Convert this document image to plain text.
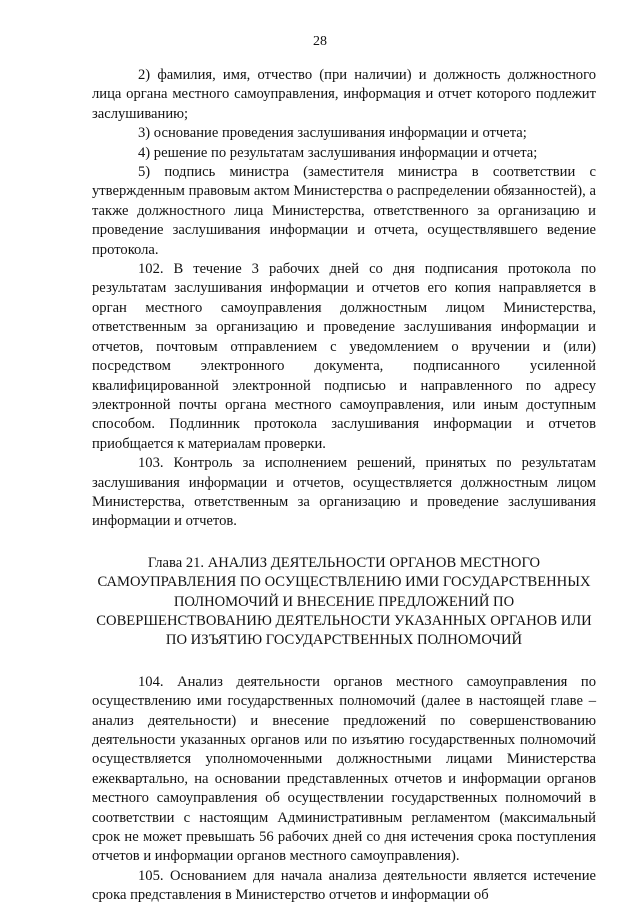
28

2) фамилия, имя, отчество (при наличии) и должность должностного лица органа местного самоуправления, информация и отчет которого подлежит заслушиванию;

3) основание проведения заслушивания информации и отчета;

4) решение по результатам заслушивания информации и отчета;

5) подпись министра (заместителя министра в соответствии с утвержденным правовым актом Министерства о распределении обязанностей), а также должностного лица Министерства, ответственного за организацию и проведение заслушивания информации и отчета, осуществлявшего ведение протокола.

102. В течение 3 рабочих дней со дня подписания протокола по результатам заслушивания информации и отчетов его копия направляется в орган местного самоуправления должностным лицом Министерства, ответственным за организацию и проведение заслушивания информации и отчетов, почтовым отправлением с уведомлением о вручении и (или) посредством электронного документа, подписанного усиленной квалифицированной электронной подписью и направленного по адресу электронной почты органа местного самоуправления, или иным доступным способом. Подлинник протокола заслушивания информации и отчетов приобщается к материалам проверки.

103. Контроль за исполнением решений, принятых по результатам заслушивания информации и отчетов, осуществляется должностным лицом Министерства, ответственным за организацию и проведение заслушивания информации и отчетов.

Глава 21. АНАЛИЗ ДЕЯТЕЛЬНОСТИ ОРГАНОВ МЕСТНОГО САМОУПРАВЛЕНИЯ ПО ОСУЩЕСТВЛЕНИЮ ИМИ ГОСУДАРСТВЕННЫХ ПОЛНОМОЧИЙ И ВНЕСЕНИЕ ПРЕДЛОЖЕНИЙ ПО СОВЕРШЕНСТВОВАНИЮ ДЕЯТЕЛЬНОСТИ УКАЗАННЫХ ОРГАНОВ ИЛИ ПО ИЗЪЯТИЮ ГОСУДАРСТВЕННЫХ ПОЛНОМОЧИЙ

104. Анализ деятельности органов местного самоуправления по осуществлению ими государственных полномочий (далее в настоящей главе – анализ деятельности) и внесение предложений по совершенствованию деятельности указанных органов или по изъятию государственных полномочий осуществляется уполномоченными должностными лицами Министерства ежеквартально, на основании представленных отчетов и информации органов местного самоуправления об осуществлении государственных полномочий в соответствии с настоящим Административным регламентом (максимальный срок не может превышать 56 рабочих дней со дня истечения срока поступления отчетов и информации органов местного самоуправления).

105. Основанием для начала анализа деятельности является истечение срока представления в Министерство отчетов и информации об
